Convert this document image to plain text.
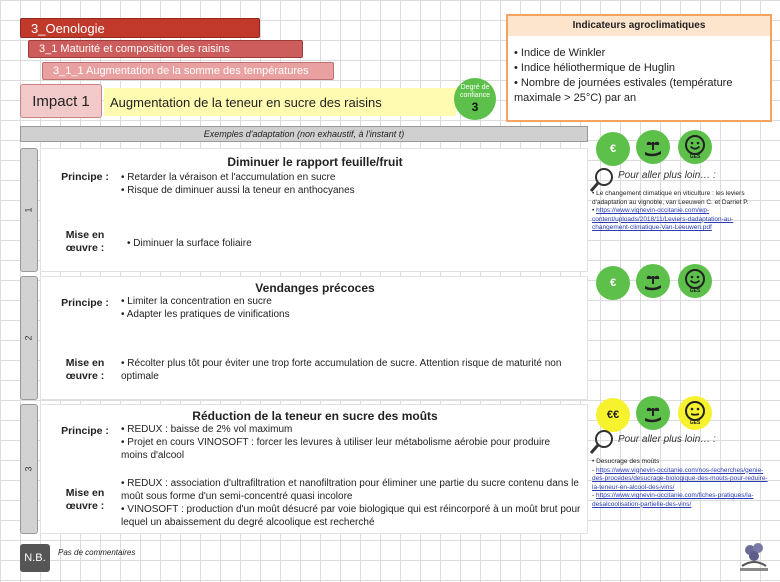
3_Oenologie
3_1 Maturité et composition des raisins
3_1_1 Augmentation de la somme des températures
Impact 1	Augmentation de la teneur en sucre des raisins
Degré de confiance
3
Indicateurs agroclimatiques
• Indice de Winkler
• Indice héliothermique de Huglin
• Nombre de journées estivales (température maximale > 25°C) par an
Exemples d'adaptation (non exhaustif, à l'instant t)
1
Diminuer le rapport feuille/fruit
Principe :	• Retarder la véraison et l'accumulation en sucre

• Risque de diminuer aussi la teneur en anthocyanes

Mise en œuvre :	• Diminuer la surface foliaire

2
Vendanges précoces
Principe :	• Limiter la concentration en sucre

• Adapter les pratiques de vinifications

Mise en œuvre :

• Récolter plus tôt pour éviter une trop forte accumulation de sucre. Attention risque de maturité non optimale

3
Réduction de la teneur en sucre des moûts
Principe :	• REDUX : baisse de 2% vol maximum

• Projet en cours VINOSOFT : forcer les levures à utiliser leur métabolisme aérobie pour produire moins d'alcool

Mise en œuvre :

• REDUX : association d'ultrafiltration et nanofiltration pour éliminer une partie du sucre contenu dans le moût sous forme d'un semi-concentré quasi incolore

• VINOSOFT : production d'un moût désucré par voie biologique qui est réincorporé à un moût brut pour lequel un abaissement du degré alcoolique est recherché

€
GES
Pour aller plus loin… :
• Le changement climatique en viticulture : les leviers d'adaptation au vignoble, van Leeuwen C. et Darriet P.
• https://www.vignevin-occitanie.com/wp-content/uploads/2018/11/Leviers-dadaptation-au-changement-climatique-Van-Leeuwen.pdf
€
GES
€€
GES
Pour aller plus loin… :
• Desucrage des moûts
- https://www.vignevin-occitanie.com/nos-recherches/genie-des-procedes/desucrage-biologique-des-mouts-pour-reduire-la-teneur-en-alcool-des-vins/
- https://www.vignevin-occitanie.com/fiches-pratiques/la-desalcoolisation-partielle-des-vins/
N.B.	Pas de commentaires
